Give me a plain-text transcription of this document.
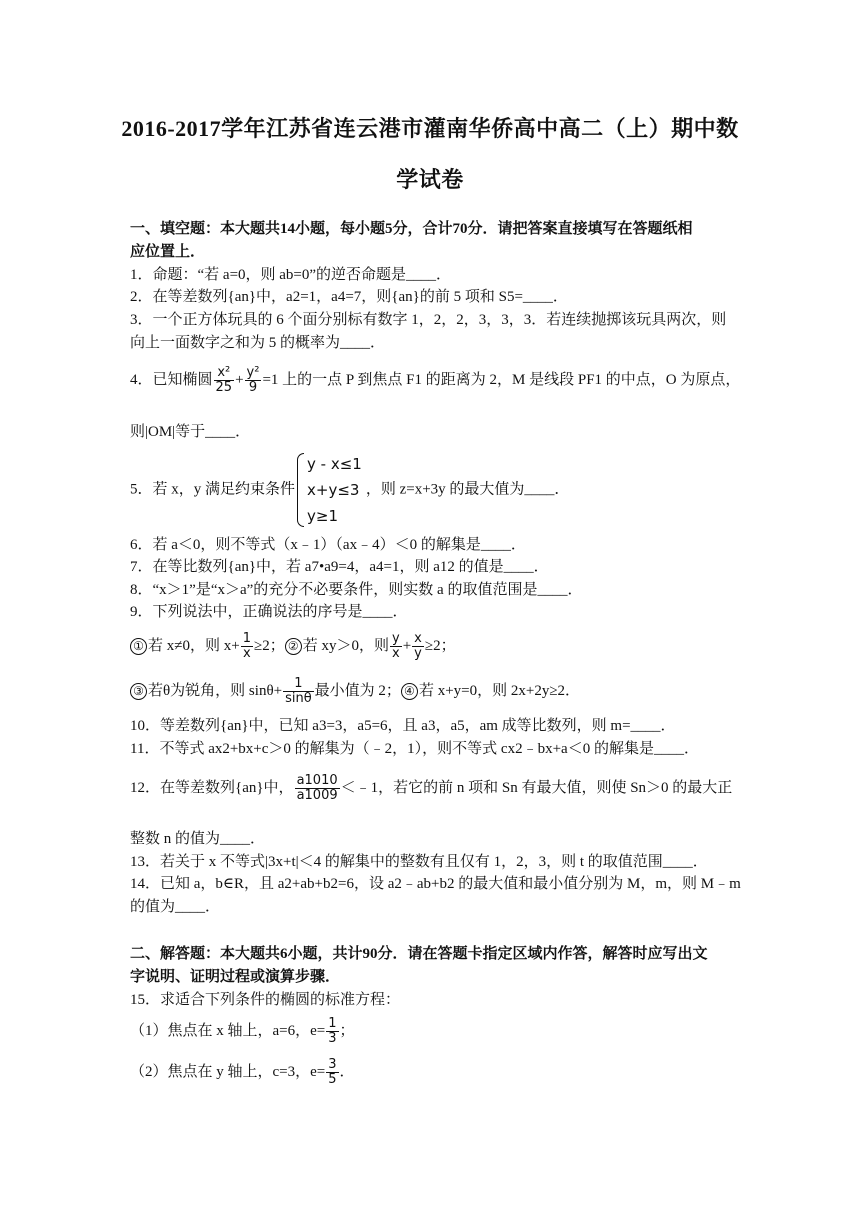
2016-2017学年江苏省连云港市灌南华侨高中高二（上）期中数
学试卷
一、填空题：本大题共14小题，每小题5分，合计70分．请把答案直接填写在答题纸相
应位置上．
1．命题：“若 a=0，则 ab=0”的逆否命题是____．
2．在等差数列{an}中，a2=1，a4=7，则{an}的前 5 项和 S5=____．
3．一个正方体玩具的 6 个面分别标有数字 1，2，2，3，3，3．若连续抛掷该玩具两次，则
向上一面数字之和为 5 的概率为____．
4．已知椭圆 $\frac{\text{x²}}{25} + \frac{\text{y²}}{9} =1$ 上的一点 P 到焦点 F1 的距离为 2，M 是线段 PF1 的中点，O 为原点，
则|OM|等于____．
5．若 x，y 满足约束条件
y - x≤1
x+y≤3
y≥1
，则 z=x+3y 的最大值为____．
6．若 a＜0，则不等式（x﹣1）（ax﹣4）＜0 的解集是____．
7．在等比数列{an}中，若 a7•a9=4，a4=1，则 a12 的值是____．
8．“x＞1”是“x＞a”的充分不必要条件，则实数 a 的取值范围是____．
9．下列说法中，正确说法的序号是____．
① 若 x≠0，则 $x+ \frac{1}{x} \ge 2$； ② 若 xy＞0，则 $\frac{y}{x} + \frac{x}{y} \ge 2$；
③ 若θ为锐角，则 $\sin\theta+ \frac{1}{\sin\theta}$ 最小值为 2； ④ 若 x+y=0，则 2x+2y≥2．
10．等差数列{an}中，已知 a3=3，a5=6，且 a3，a5，am 成等比数列，则 m=____．
11．不等式 ax2+bx+c＞0 的解集为（﹣2，1），则不等式 cx2﹣bx+a＜0 的解集是____．
12．在等差数列{an}中， $\frac{a1010}{a1009}$ ＜﹣1，若它的前 n 项和 Sn 有最大值，则使 Sn＞0 的最大正
整数 n 的值为____．
13．若关于 x 不等式|3x+t|＜4 的解集中的整数有且仅有 1，2，3，则 t 的取值范围____．
14．已知 a，b∈R，且 a2+ab+b2=6，设 a2﹣ab+b2 的最大值和最小值分别为 M，m，则 M﹣m
的值为____．
二、解答题：本大题共6小题，共计90分．请在答题卡指定区域内作答，解答时应写出文
字说明、证明过程或演算步骤．
15．求适合下列条件的椭圆的标准方程：
（1）焦点在 x 轴上，a=6，$e= \frac{1}{3}$ ；
（2）焦点在 y 轴上，c=3，$e= \frac{3}{5}$ ．
